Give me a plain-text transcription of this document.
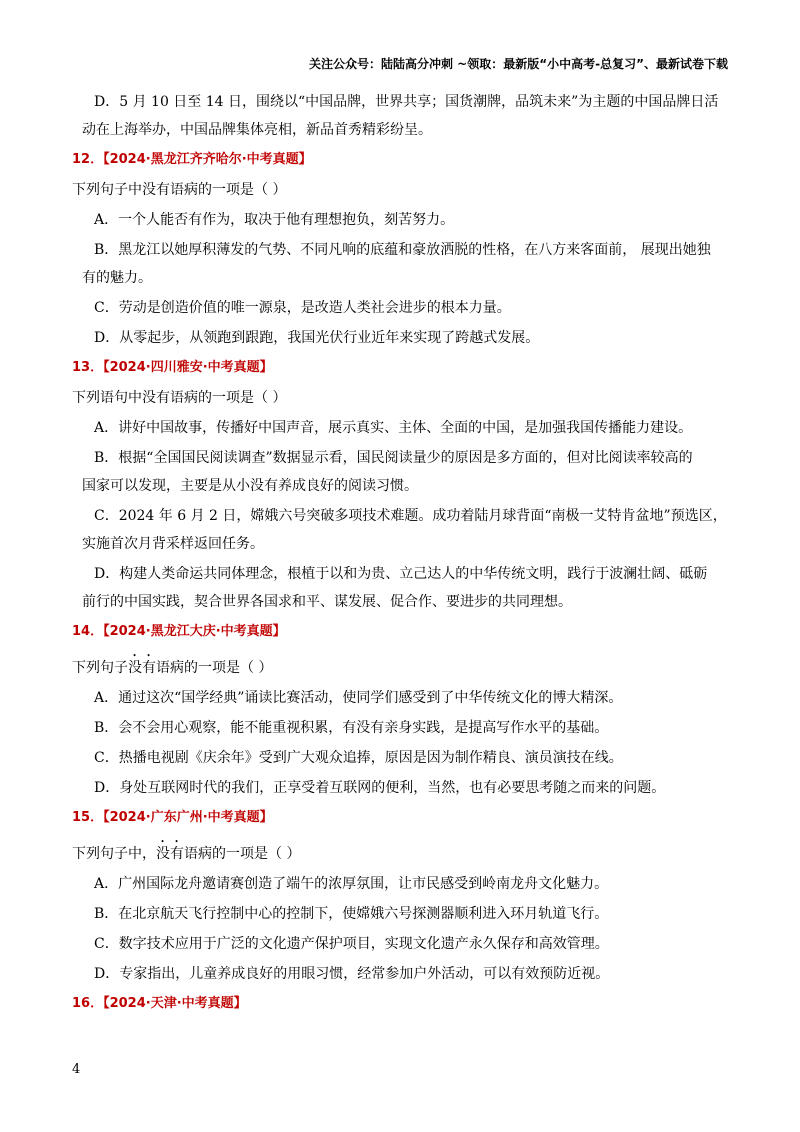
关注公众号：陆陆高分冲刺 ~领取：最新版“小中高考-总复习”、最新试卷下载

D．5 月 10 日至 14 日，围绕以“中国品牌，世界共享；国货潮牌，品筑未来”为主题的中国品牌日活

动在上海举办，中国品牌集体亮相，新品首秀精彩纷呈。

12．【2024·黑龙江齐齐哈尔·中考真题】

下列句子中没有语病的一项是（ ）

A．一个人能否有作为，取决于他有理想抱负，刻苦努力。

B．黑龙江以她厚积薄发的气势、不同凡响的底蕴和豪放洒脱的性格，在八方来客面前， 展现出她独

有的魅力。

C．劳动是创造价值的唯一源泉，是改造人类社会进步的根本力量。

D．从零起步，从领跑到跟跑，我国光伏行业近年来实现了跨越式发展。

13．【2024·四川雅安·中考真题】

下列语句中没有语病的一项是（ ）

A．讲好中国故事，传播好中国声音，展示真实、主体、全面的中国，是加强我国传播能力建设。

B．根据“全国国民阅读调查”数据显示看，国民阅读量少的原因是多方面的，但对比阅读率较高的

国家可以发现，主要是从小没有养成良好的阅读习惯。

C．2024 年 6 月 2 日，嫦娥六号突破多项技术难题。成功着陆月球背面“南极一艾特肯盆地”预选区，

实施首次月背采样返回任务。

D．构建人类命运共同体理念，根植于以和为贵、立己达人的中华传统文明，践行于波澜壮阔、砥砺

前行的中国实践，契合世界各国求和平、谋发展、促合作、要进步的共同理想。

14．【2024·黑龙江大庆·中考真题】

下列句子没有语病的一项是（ ）

A．通过这次“国学经典”诵读比赛活动，使同学们感受到了中华传统文化的博大精深。

B．会不会用心观察，能不能重视积累，有没有亲身实践，是提高写作水平的基础。

C．热播电视剧《庆余年》受到广大观众追捧，原因是因为制作精良、演员演技在线。

D．身处互联网时代的我们，正享受着互联网的便利，当然，也有必要思考随之而来的问题。

15．【2024·广东广州·中考真题】

下列句子中，没有语病的一项是（ ）

A．广州国际龙舟邀请赛创造了端午的浓厚氛围，让市民感受到岭南龙舟文化魅力。

B．在北京航天飞行控制中心的控制下，使嫦娥六号探测器顺利进入环月轨道飞行。

C．数字技术应用于广泛的文化遗产保护项目，实现文化遗产永久保存和高效管理。

D．专家指出，儿童养成良好的用眼习惯，经常参加户外活动，可以有效预防近视。

16．【2024·天津·中考真题】

4
